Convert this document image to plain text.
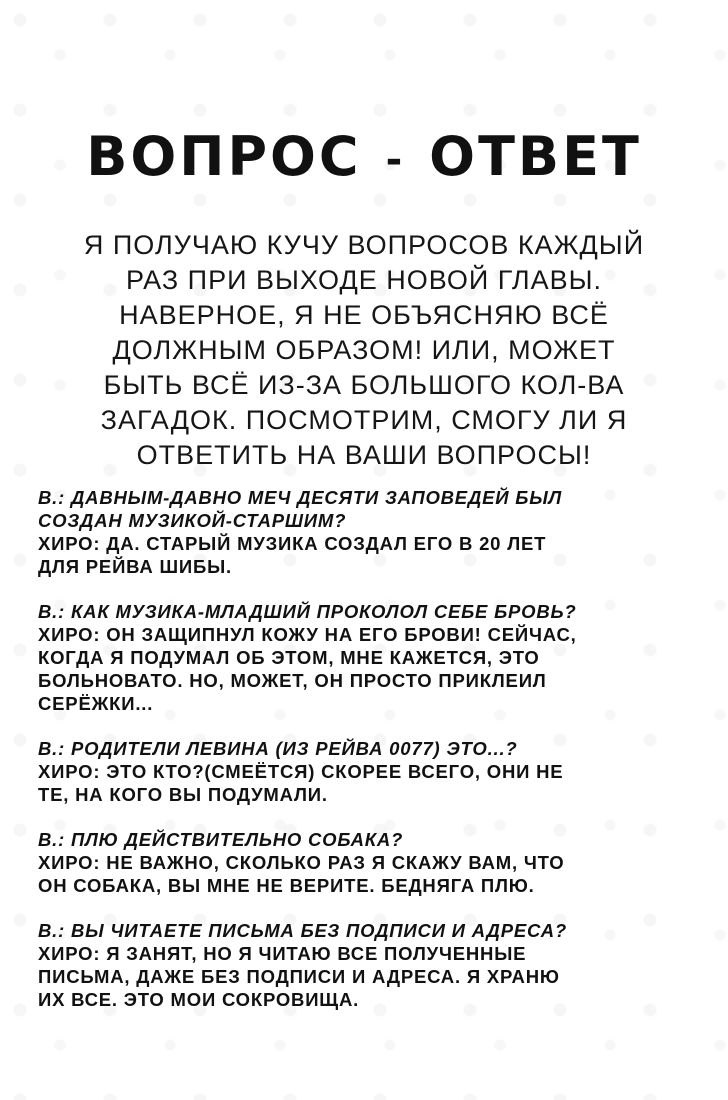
ВОПРОС - ОТВЕТ
Я ПОЛУЧАЮ КУЧУ ВОПРОСОВ КАЖДЫЙ
РАЗ ПРИ ВЫХОДЕ НОВОЙ ГЛАВЫ.
НАВЕРНОЕ, Я НЕ ОБЪЯСНЯЮ ВСЁ
ДОЛЖНЫМ ОБРАЗОМ! ИЛИ, МОЖЕТ
БЫТЬ ВСЁ ИЗ-ЗА БОЛЬШОГО КОЛ-ВА
ЗАГАДОК. ПОСМОТРИМ, СМОГУ ЛИ Я
ОТВЕТИТЬ НА ВАШИ ВОПРОСЫ!
В.: ДАВНЫМ-ДАВНО МЕЧ ДЕСЯТИ ЗАПОВЕДЕЙ БЫЛ
СОЗДАН МУЗИКОЙ-СТАРШИМ?
ХИРО: ДА. СТАРЫЙ МУЗИКА СОЗДАЛ ЕГО В 20 ЛЕТ
ДЛЯ РЕЙВА ШИБЫ.
В.: КАК МУЗИКА-МЛАДШИЙ ПРОКОЛОЛ СЕБЕ БРОВЬ?
ХИРО: ОН ЗАЩИПНУЛ КОЖУ НА ЕГО БРОВИ! СЕЙЧАС,
КОГДА Я ПОДУМАЛ ОБ ЭТОМ, МНЕ КАЖЕТСЯ, ЭТО
БОЛЬНОВАТО. НО, МОЖЕТ, ОН ПРОСТО ПРИКЛЕИЛ
СЕРЁЖКИ...
В.: РОДИТЕЛИ ЛЕВИНА (ИЗ РЕЙВА 0077) ЭТО...?
ХИРО: ЭТО КТО?(СМЕЁТСЯ) СКОРЕЕ ВСЕГО, ОНИ НЕ
ТЕ, НА КОГО ВЫ ПОДУМАЛИ.
В.: ПЛЮ ДЕЙСТВИТЕЛЬНО СОБАКА?
ХИРО: НЕ ВАЖНО, СКОЛЬКО РАЗ Я СКАЖУ ВАМ, ЧТО
ОН СОБАКА, ВЫ МНЕ НЕ ВЕРИТЕ. БЕДНЯГА ПЛЮ.
В.: ВЫ ЧИТАЕТЕ ПИСЬМА БЕЗ ПОДПИСИ И АДРЕСА?
ХИРО: Я ЗАНЯТ, НО Я ЧИТАЮ ВСЕ ПОЛУЧЕННЫЕ
ПИСЬМА, ДАЖЕ БЕЗ ПОДПИСИ И АДРЕСА. Я ХРАНЮ
ИХ ВСЕ. ЭТО МОИ СОКРОВИЩА.
